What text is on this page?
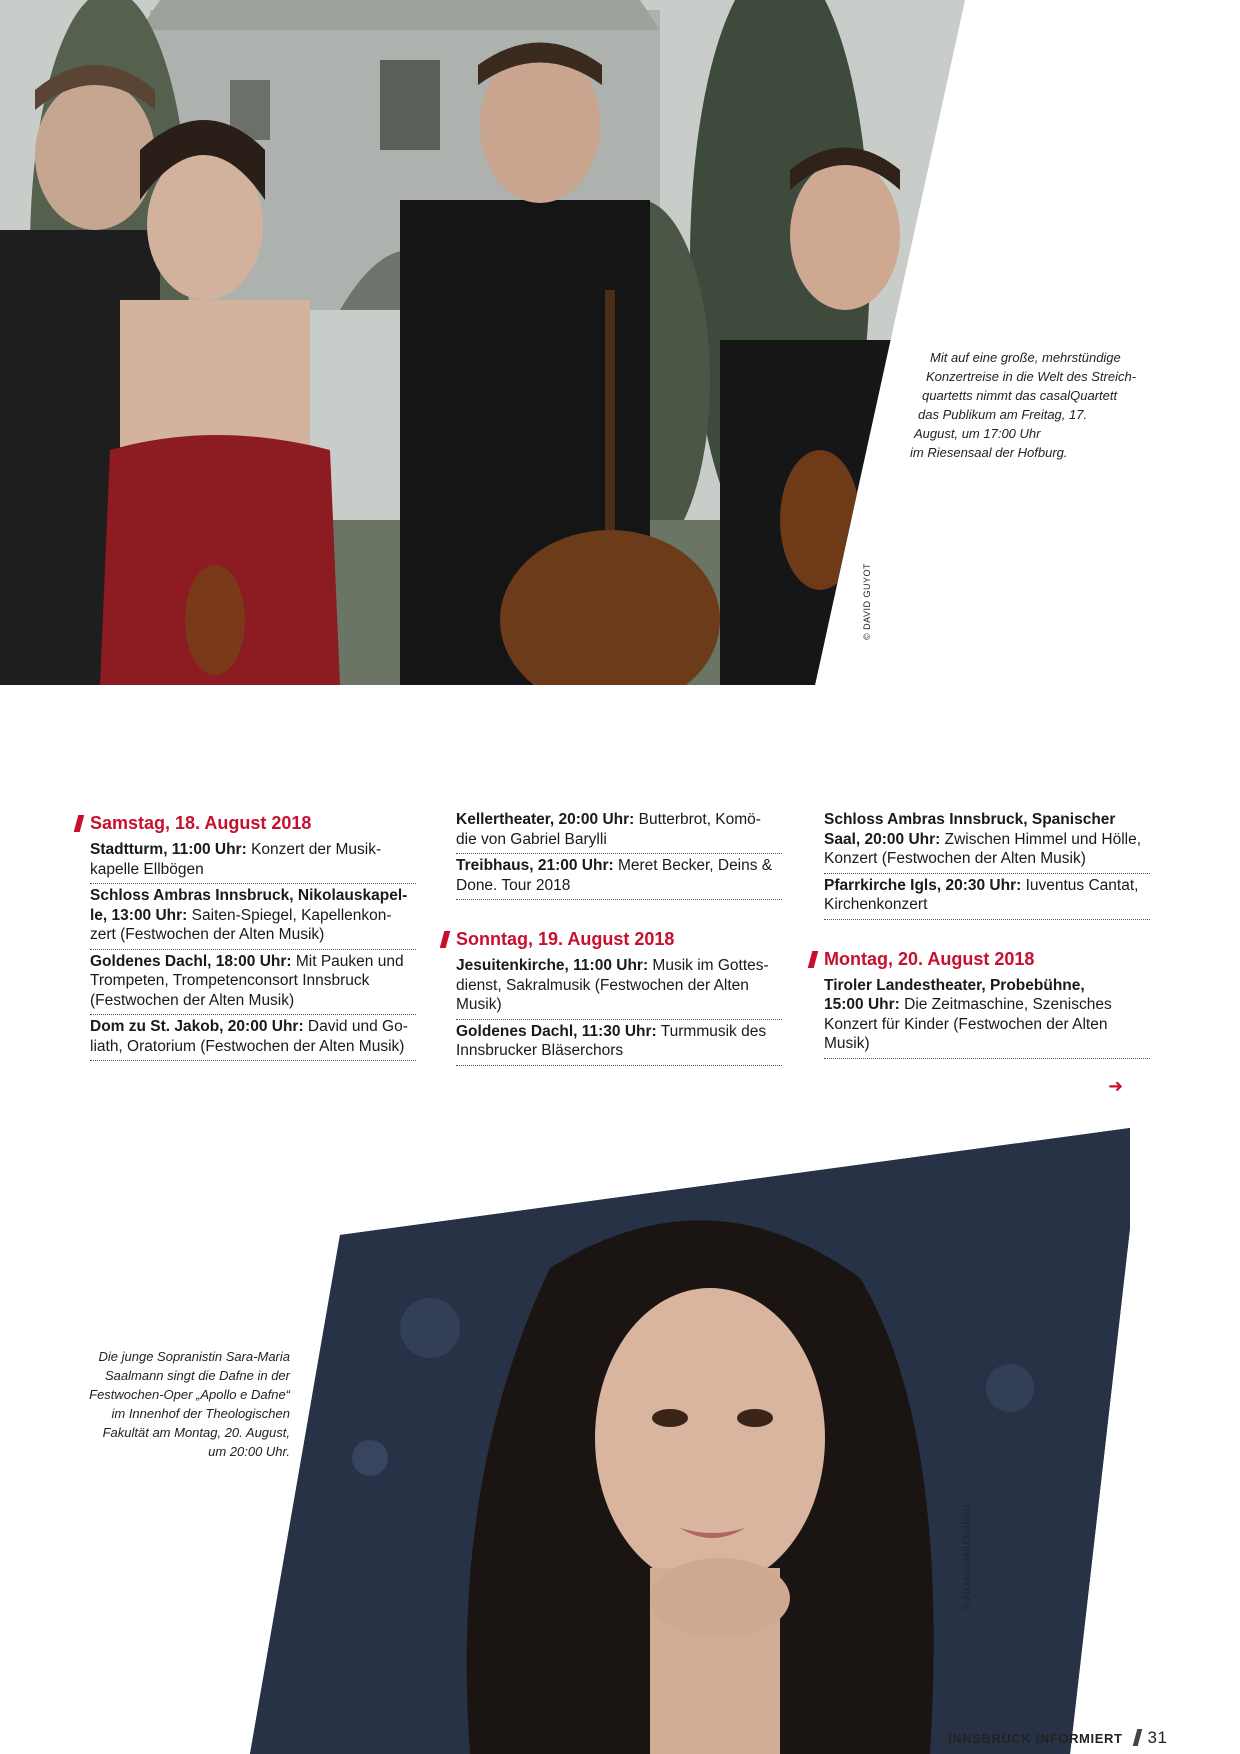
© DAVID GUYOT
Mit auf eine große, mehrstündige
Konzertreise in die Welt des Streich-
quartetts nimmt das casalQuartett
das Publikum am Freitag, 17.
August, um 17:00 Uhr
im Riesensaal der Hofburg.
Samstag, 18. August 2018
Stadtturm, 11:00 Uhr: Konzert der Musik-
kapelle Ellbögen
Schloss Ambras Innsbruck, Nikolauskapel-
le, 13:00 Uhr: Saiten-Spiegel, Kapellenkon-
zert (Festwochen der Alten Musik)
Goldenes Dachl, 18:00 Uhr: Mit Pauken und
Trompeten, Trompetenconsort Innsbruck
(Festwochen der Alten Musik)
Dom zu St. Jakob, 20:00 Uhr: David und Go-
liath, Oratorium (Festwochen der Alten Musik)
Kellertheater, 20:00 Uhr: Butterbrot, Komö-
die von Gabriel Barylli
Treibhaus, 21:00 Uhr: Meret Becker, Deins &
Done. Tour 2018
Sonntag, 19. August 2018
Jesuitenkirche, 11:00 Uhr: Musik im Gottes-
dienst, Sakralmusik (Festwochen der Alten
Musik)
Goldenes Dachl, 11:30 Uhr: Turmmusik des
Innsbrucker Bläserchors
Schloss Ambras Innsbruck, Spanischer
Saal, 20:00 Uhr: Zwischen Himmel und Hölle,
Konzert (Festwochen der Alten Musik)
Pfarrkirche Igls, 20:30 Uhr: Iuventus Cantat,
Kirchenkonzert
Montag, 20. August 2018
Tiroler Landestheater, Probebühne,
15:00 Uhr: Die Zeitmaschine, Szenisches
Konzert für Kinder (Festwochen der Alten
Musik)
➜
© FRANKWARENBERG
Die junge Sopranistin Sara-Maria
Saalmann singt die Dafne in der
Festwochen-Oper „Apollo e Dafne“
im Innenhof der Theologischen
Fakultät am Montag, 20. August,
um 20:00 Uhr.
INNSBRUCK INFORMIERT 31
